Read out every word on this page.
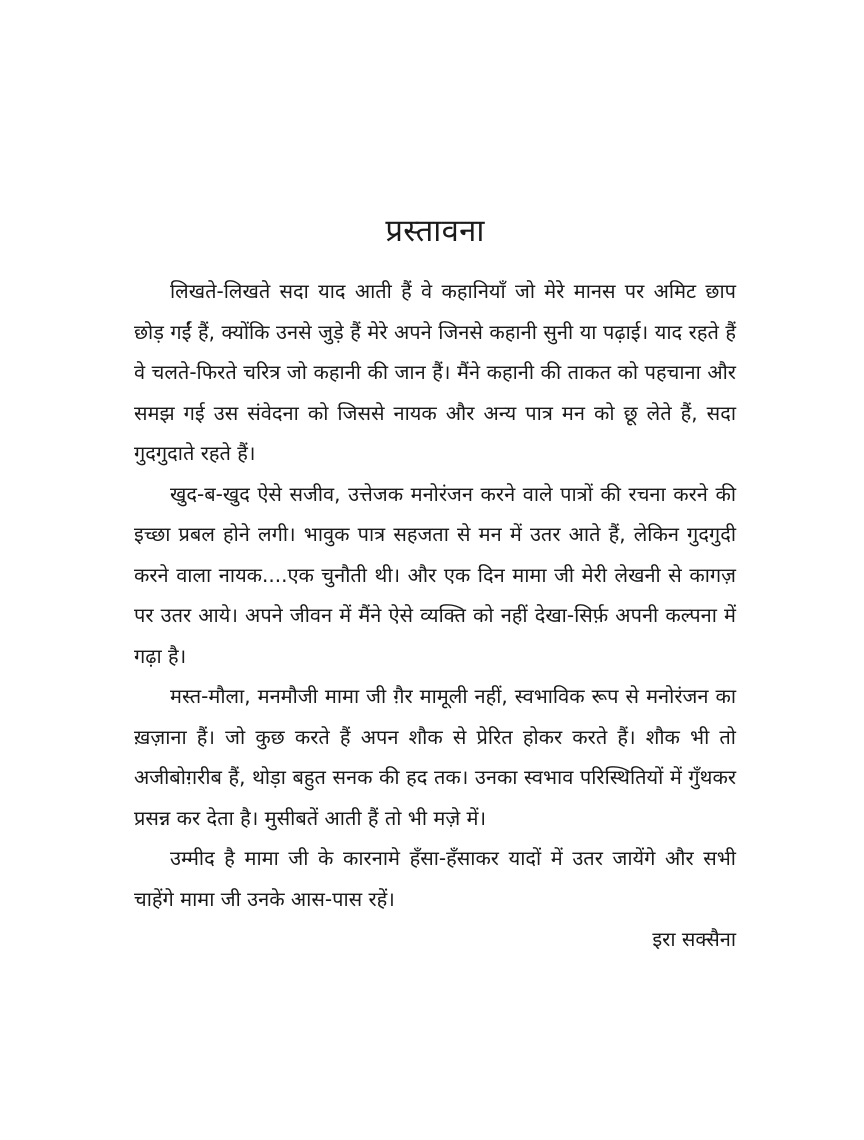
प्रस्तावना

लिखते-लिखते सदा याद आती हैं वे कहानियाँ जो मेरे मानस पर अमिट छाप छोड़ गईं हैं, क्योंकि उनसे जुड़े हैं मेरे अपने जिनसे कहानी सुनी या पढ़ाई। याद रहते हैं वे चलते-फिरते चरित्र जो कहानी की जान हैं। मैंने कहानी की ताकत को पहचाना और समझ गई उस संवेदना को जिससे नायक और अन्य पात्र मन को छू लेते हैं, सदा गुदगुदाते रहते हैं।

खुद-ब-खुद ऐसे सजीव, उत्तेजक मनोरंजन करने वाले पात्रों की रचना करने की इच्छा प्रबल होने लगी। भावुक पात्र सहजता से मन में उतर आते हैं, लेकिन गुदगुदी करने वाला नायक....एक चुनौती थी। और एक दिन मामा जी मेरी लेखनी से कागज़ पर उतर आये। अपने जीवन में मैंने ऐसे व्यक्ति को नहीं देखा-सिर्फ़ अपनी कल्पना में गढ़ा है।

मस्त-मौला, मनमौजी मामा जी ग़ैर मामूली नहीं, स्वभाविक रूप से मनोरंजन का ख़ज़ाना हैं। जो कुछ करते हैं अपन शौक से प्रेरित होकर करते हैं। शौक भी तो अजीबोग़रीब हैं, थोड़ा बहुत सनक की हद तक। उनका स्वभाव परिस्थितियों में गुँथकर प्रसन्न कर देता है। मुसीबतें आती हैं तो भी मज़े में।

उम्मीद है मामा जी के कारनामे हँसा-हँसाकर यादों में उतर जायेंगे और सभी चाहेंगे मामा जी उनके आस-पास रहें।

इरा सक्सैना
